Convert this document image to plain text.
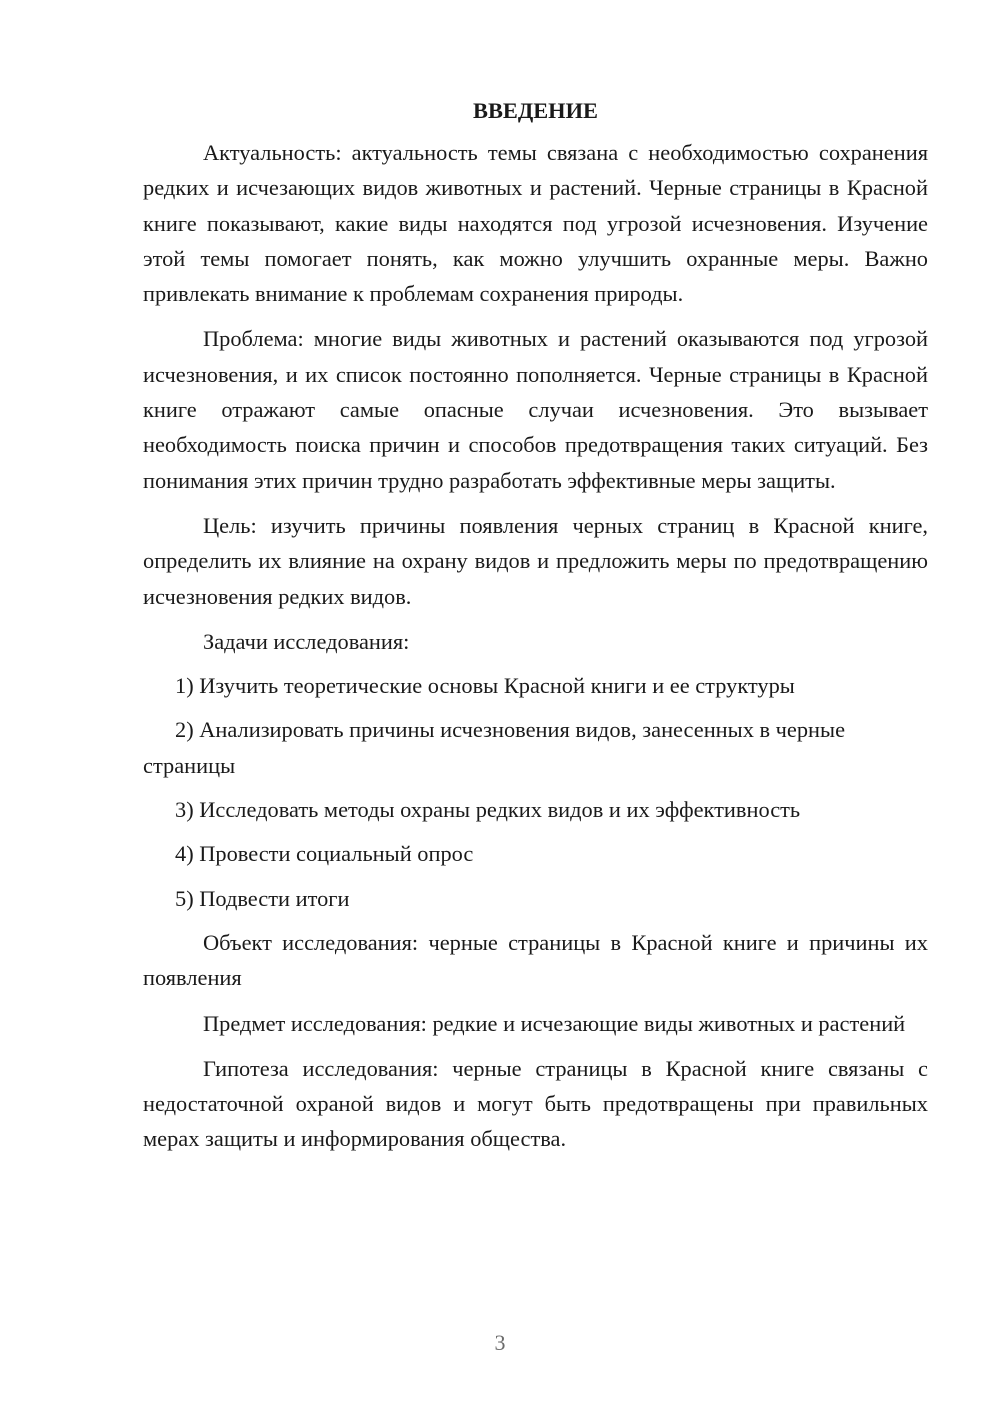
ВВЕДЕНИЕ

Актуальность: актуальность темы связана с необходимостью сохранения редких и исчезающих видов животных и растений. Черные страницы в Красной книге показывают, какие виды находятся под угрозой исчезновения. Изучение этой темы помогает понять, как можно улучшить охранные меры. Важно привлекать внимание к проблемам сохранения природы.

Проблема: многие виды животных и растений оказываются под угрозой исчезновения, и их список постоянно пополняется. Черные страницы в Красной книге отражают самые опасные случаи исчезновения. Это вызывает необходимость поиска причин и способов предотвращения таких ситуаций. Без понимания этих причин трудно разработать эффективные меры защиты.

Цель: изучить причины появления черных страниц в Красной книге, определить их влияние на охрану видов и предложить меры по предотвращению исчезновения редких видов.

Задачи исследования:

1) Изучить теоретические основы Красной книги и ее структуры

2) Анализировать причины исчезновения видов, занесенных в черные страницы

3) Исследовать методы охраны редких видов и их эффективность

4) Провести социальный опрос

5) Подвести итоги

Объект исследования: черные страницы в Красной книге и причины их появления

Предмет исследования: редкие и исчезающие виды животных и растений

Гипотеза исследования: черные страницы в Красной книге связаны с недостаточной охраной видов и могут быть предотвращены при правильных мерах защиты и информирования общества.

3
